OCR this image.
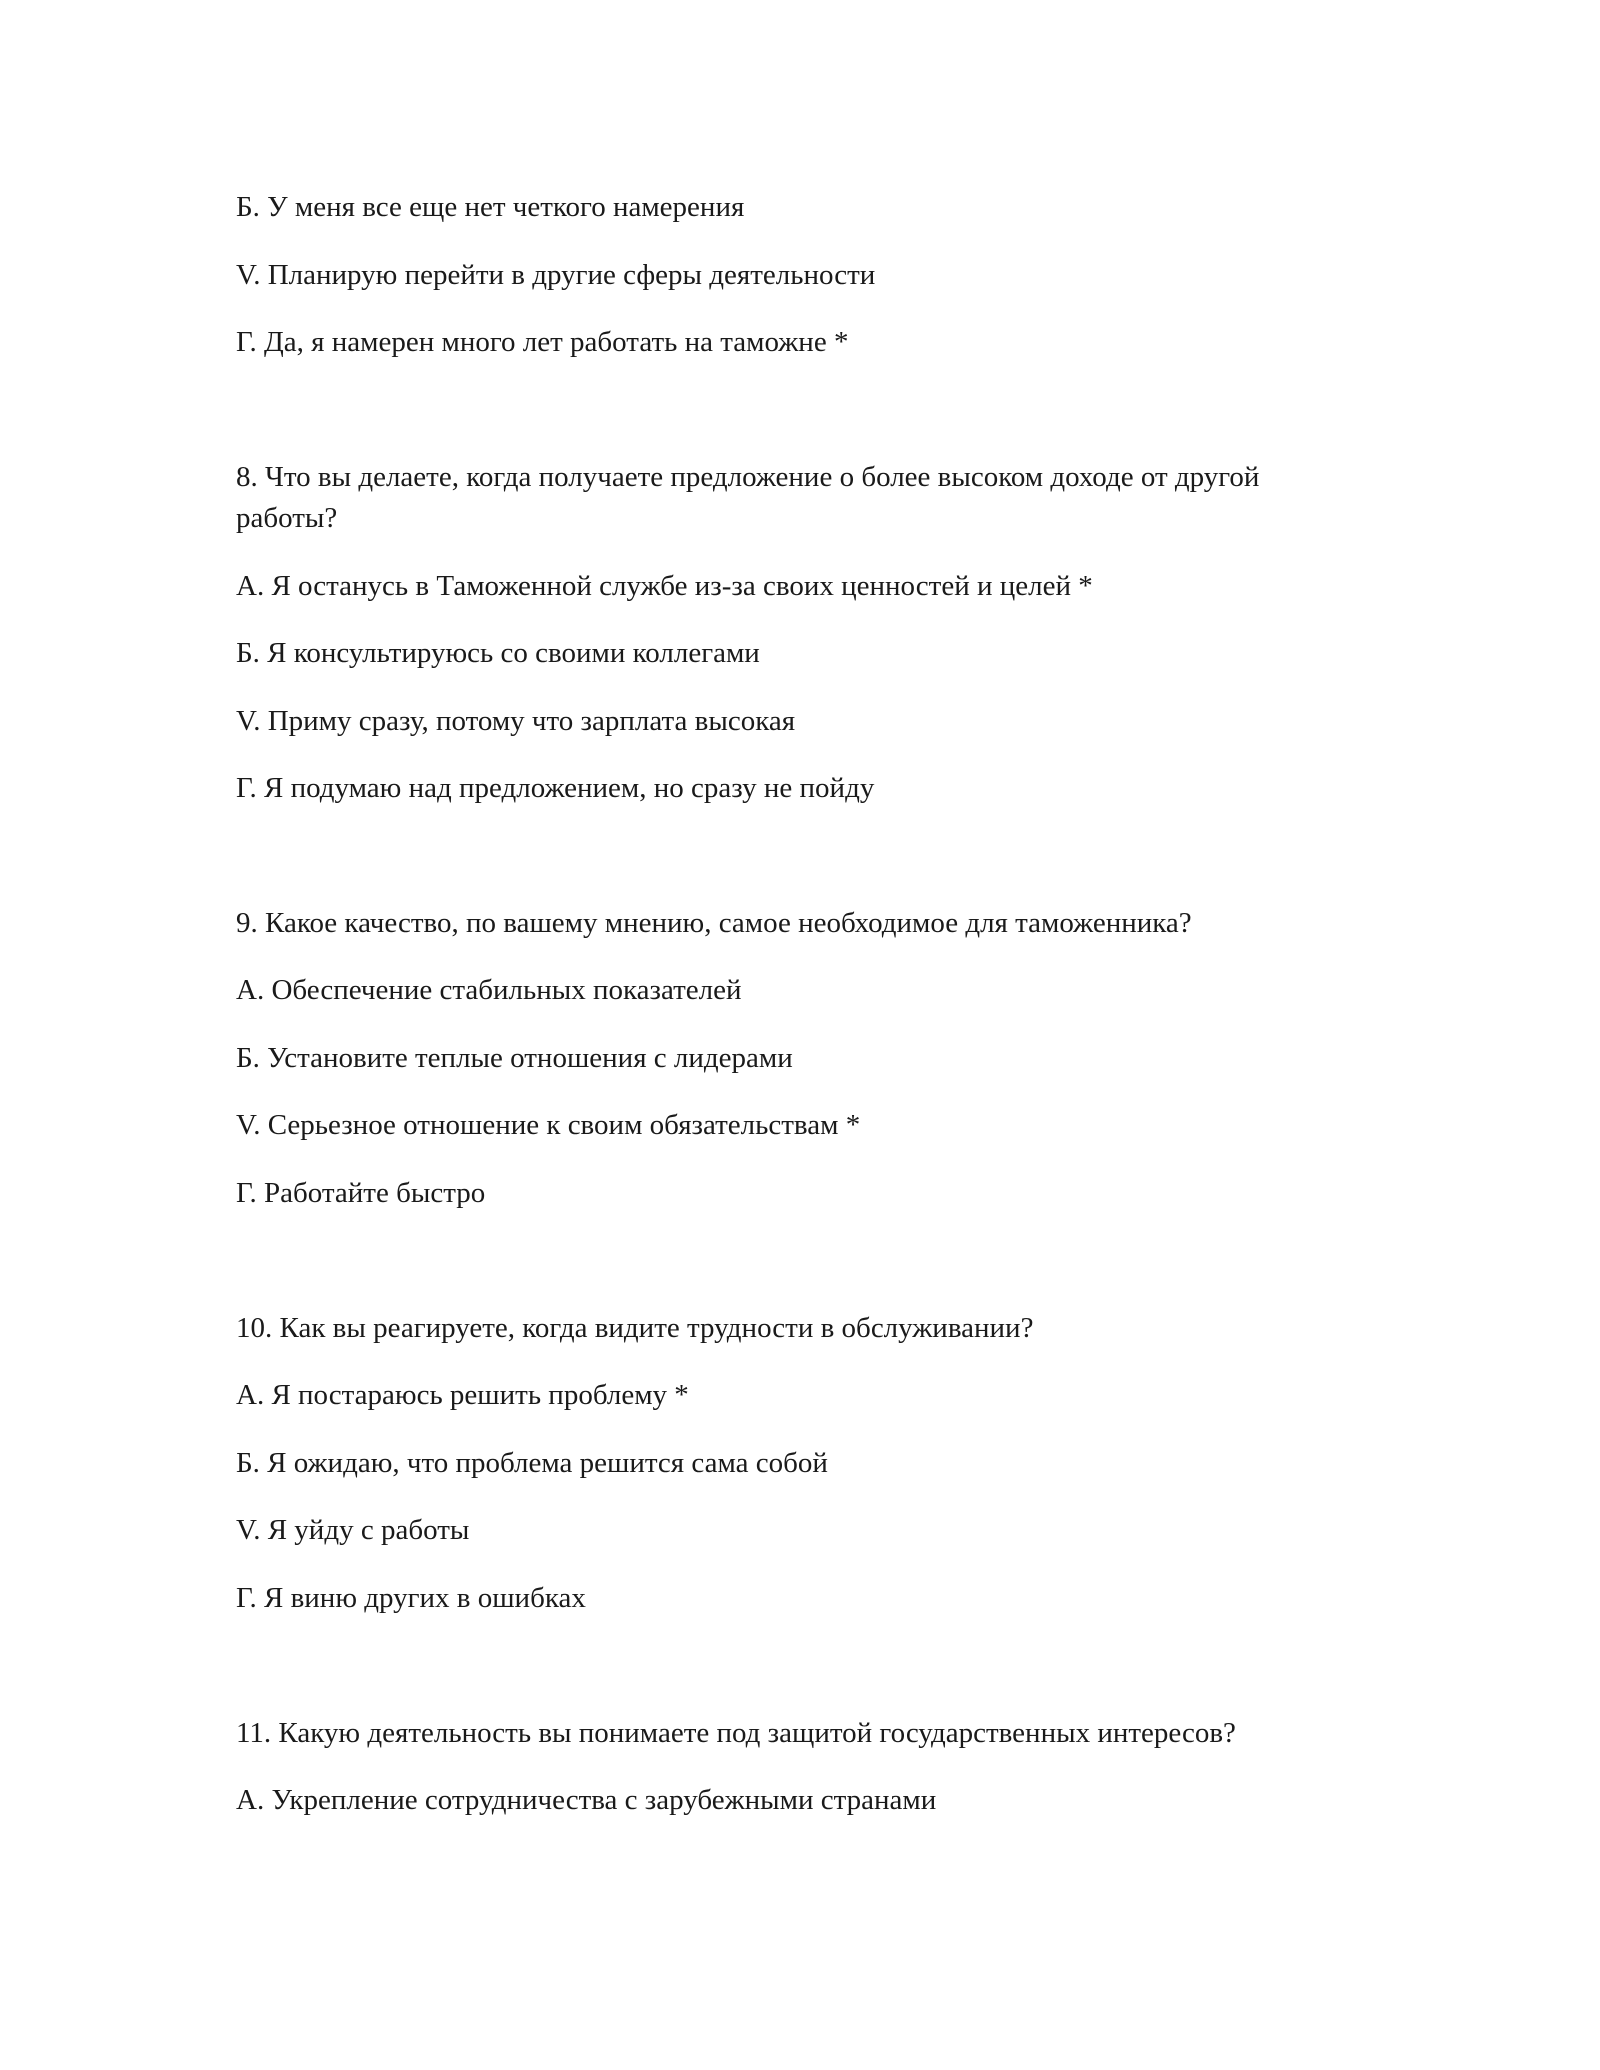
Б. У меня все еще нет четкого намерения
V. Планирую перейти в другие сферы деятельности
Г. Да, я намерен много лет работать на таможне *
8. Что вы делаете, когда получаете предложение о более высоком доходе от другой
работы?
А. Я останусь в Таможенной службе из-за своих ценностей и целей *
Б. Я консультируюсь со своими коллегами
V. Приму сразу, потому что зарплата высокая
Г. Я подумаю над предложением, но сразу не пойду
9. Какое качество, по вашему мнению, самое необходимое для таможенника?
А. Обеспечение стабильных показателей
Б. Установите теплые отношения с лидерами
V. Серьезное отношение к своим обязательствам *
Г. Работайте быстро
10. Как вы реагируете, когда видите трудности в обслуживании?
А. Я постараюсь решить проблему *
Б. Я ожидаю, что проблема решится сама собой
V. Я уйду с работы
Г. Я виню других в ошибках
11. Какую деятельность вы понимаете под защитой государственных интересов?
А. Укрепление сотрудничества с зарубежными странами
